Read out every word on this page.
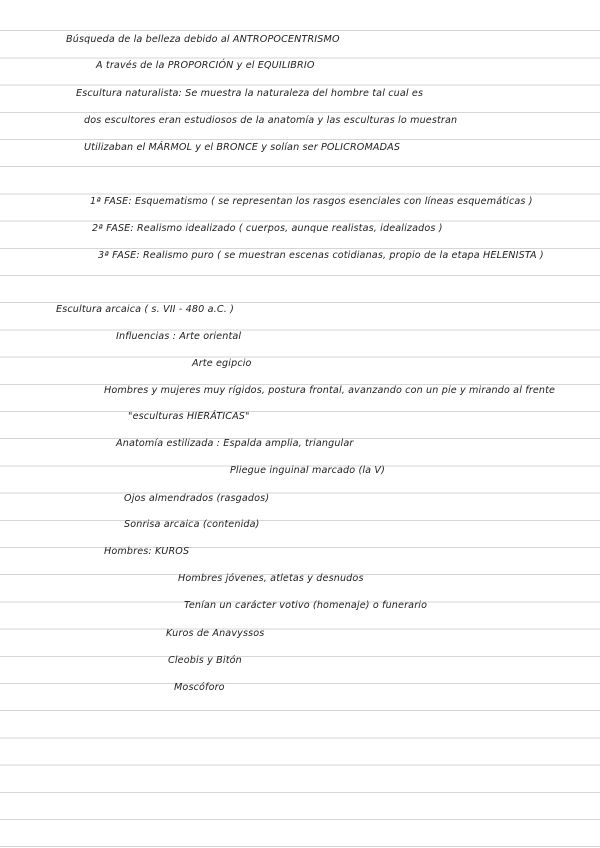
Búsqueda de la belleza debido al ANTROPOCENTRISMO

A través de la PROPORCIÓN y el EQUILIBRIO

Escultura naturalista: Se muestra la naturaleza del hombre tal cual es

dos escultores eran estudiosos de la anatomía y las esculturas lo muestran

Utilizaban el MÁRMOL y el BRONCE y solían ser POLICROMADAS

1ª FASE: Esquematismo ( se representan los rasgos esenciales con líneas esquemáticas )

2ª FASE: Realismo idealizado ( cuerpos, aunque realistas, idealizados )

3ª FASE: Realismo puro ( se muestran escenas cotidianas, propio de la etapa HELENISTA )

Escultura arcaica ( s. VII - 480 a.C. )

Influencias : Arte oriental

Arte egipcio

Hombres y mujeres muy rígidos, postura frontal, avanzando con un pie y mirando al frente

"esculturas HIERÁTICAS"

Anatomía estilizada : Espalda amplia, triangular

Pliegue inguinal marcado (la V)

Ojos almendrados (rasgados)

Sonrisa arcaica (contenida)

Hombres: KUROS

Hombres jóvenes, atletas y desnudos

Tenían un carácter votivo (homenaje) o funerario

Kuros de Anavyssos

Cleobis y Bitón

Moscóforo
